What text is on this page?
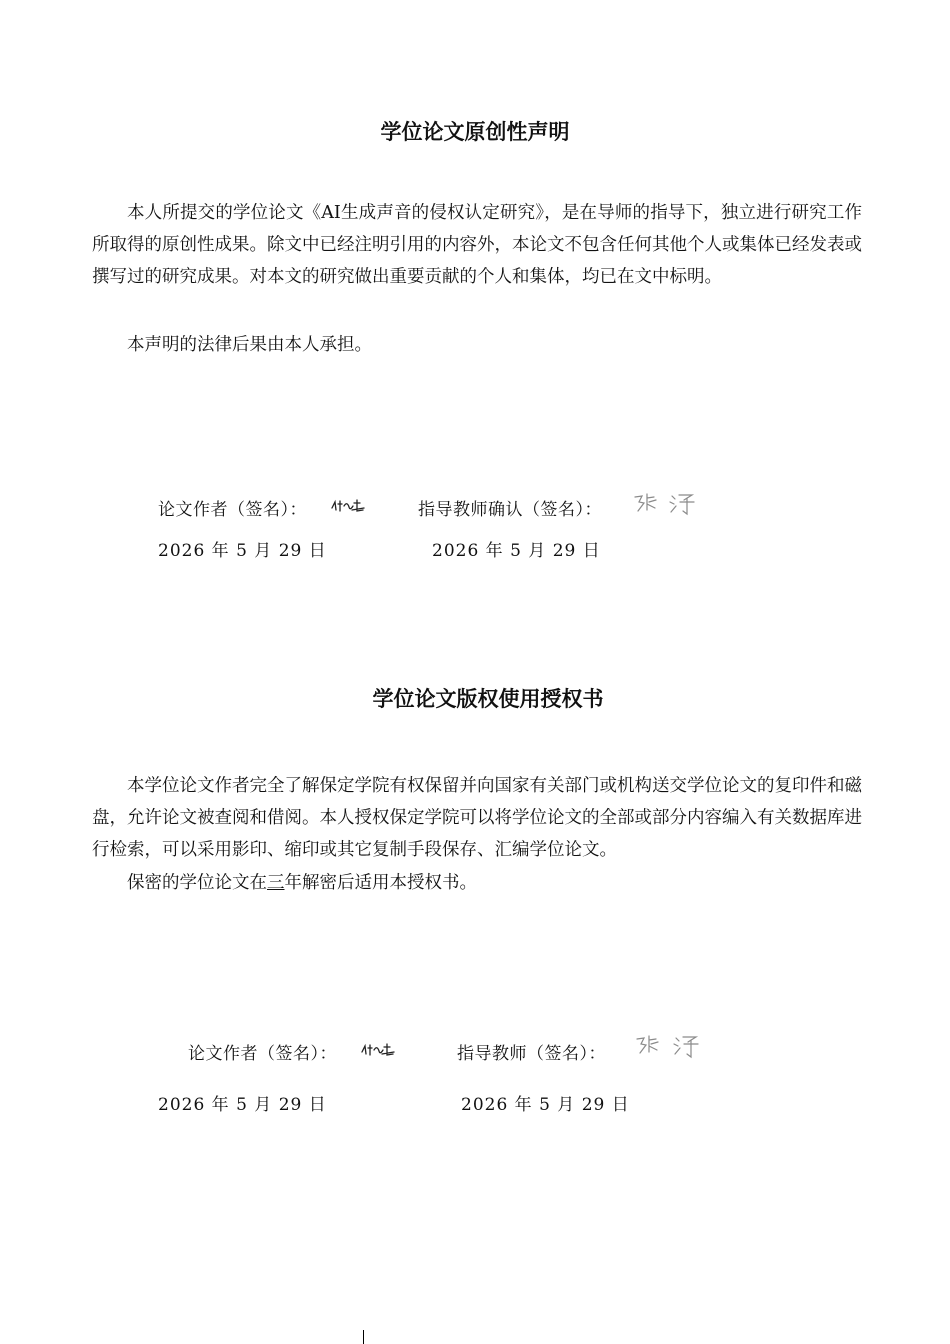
学位论文原创性声明
本人所提交的学位论文《AI生成声音的侵权认定研究》，是在导师的指导下，独立进行研究工作所取得的原创性成果。除文中已经注明引用的内容外，本论文不包含任何其他个人或集体已经发表或撰写过的研究成果。对本文的研究做出重要贡献的个人和集体，均已在文中标明。
本声明的法律后果由本人承担。
论文作者（签名）：	指导教师确认（签名）：
2026 年 5 月 29 日	2026 年 5 月 29 日
学位论文版权使用授权书
本学位论文作者完全了解保定学院有权保留并向国家有关部门或机构送交学位论文的复印件和磁盘，允许论文被查阅和借阅。本人授权保定学院可以将学位论文的全部或部分内容编入有关数据库进行检索，可以采用影印、缩印或其它复制手段保存、汇编学位论文。
保密的学位论文在三年解密后适用本授权书。
论文作者（签名）：	指导教师（签名）：
2026 年 5 月 29 日	2026 年 5 月 29 日
